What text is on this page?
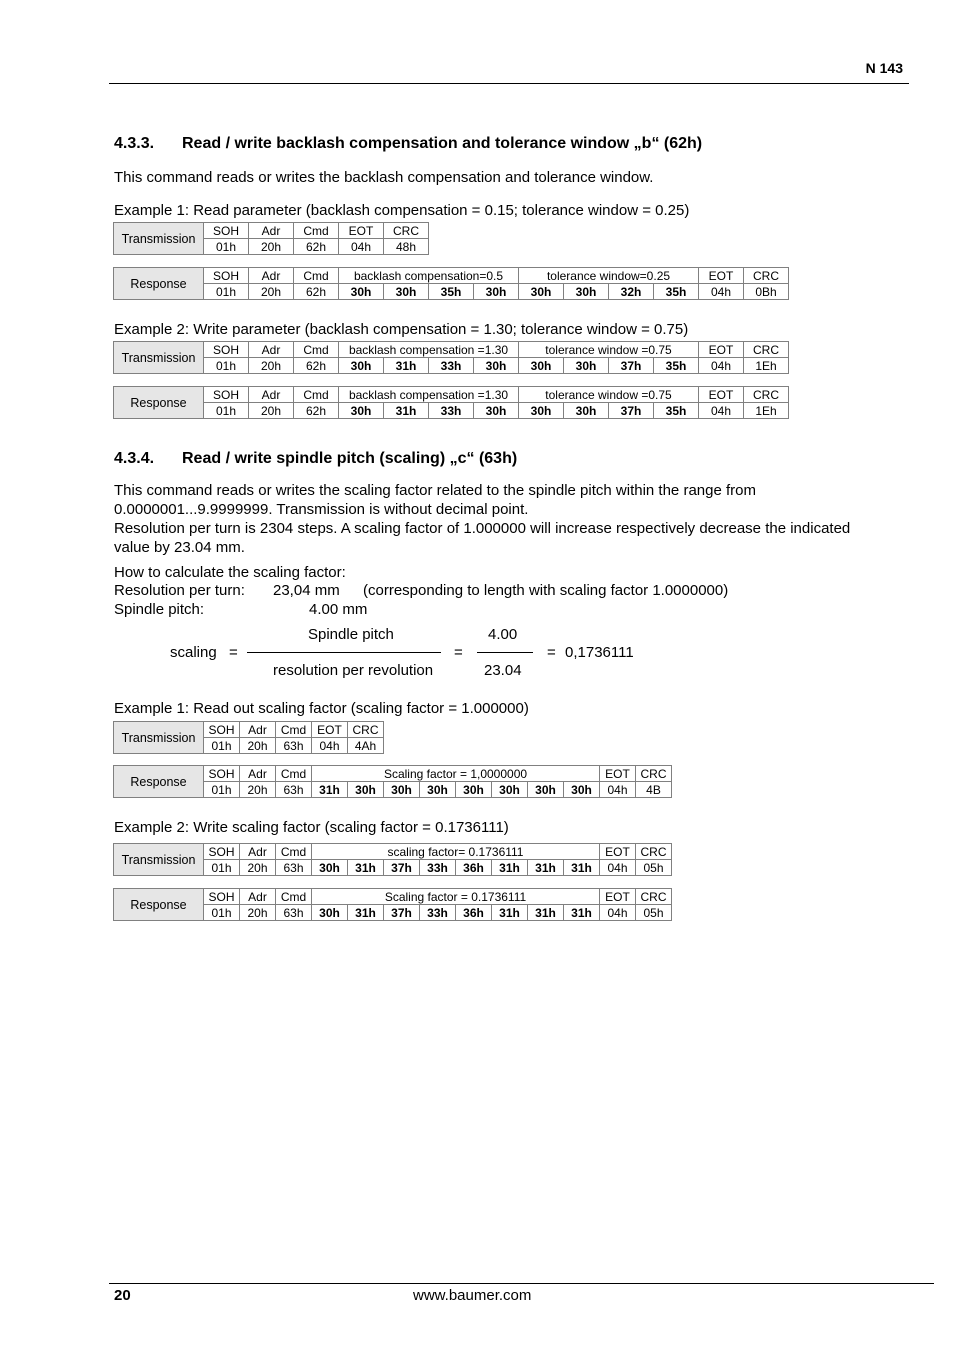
N 143
4.3.3. Read / write backlash compensation and tolerance window „b“ (62h)
This command reads or writes the backlash compensation and tolerance window.
Example 1: Read parameter (backlash compensation = 0.15; tolerance window = 0.25)
Transmission	SOH	Adr	Cmd	EOT	CRC
	01h	20h	62h	04h	48h
Response	SOH	Adr	Cmd	backlash compensation=0.5				tolerance window=0.25				EOT	CRC
	01h	20h	62h	30h	30h	35h	30h	30h	30h	32h	35h	04h	0Bh
Example 2: Write parameter (backlash compensation = 1.30; tolerance window = 0.75)
Transmission	SOH	Adr	Cmd	backlash compensation =1.30				tolerance window =0.75				EOT	CRC
	01h	20h	62h	30h	31h	33h	30h	30h	30h	37h	35h	04h	1Eh
Response	SOH	Adr	Cmd	backlash compensation =1.30				tolerance window =0.75				EOT	CRC
	01h	20h	62h	30h	31h	33h	30h	30h	30h	37h	35h	04h	1Eh
4.3.4. Read / write spindle pitch (scaling) „c“ (63h)
This command reads or writes the scaling factor related to the spindle pitch within the range from
0.0000001...9.9999999. Transmission is without decimal point.
Resolution per turn is 2304 steps. A scaling factor of 1.000000 will increase respectively decrease the indicated
value by 23.04 mm.
How to calculate the scaling factor:
Resolution per turn: 23,04 mm (corresponding to length with scaling factor 1.0000000)
Spindle pitch:	4.00 mm
scaling =
Spindle pitch
resolution per revolution
=
4.00
23.04
= 0,1736111
Example 1: Read out scaling factor (scaling factor = 1.000000)
Transmission	SOH	Adr	Cmd	EOT	CRC
	01h	20h	63h	04h	4Ah
Response	SOH	Adr	Cmd	Scaling factor = 1,0000000								EOT	CRC
	01h	20h	63h	31h	30h	30h	30h	30h	30h	30h	30h	04h	4B
Example 2: Write scaling factor (scaling factor = 0.1736111)
Transmission	SOH	Adr	Cmd	scaling factor= 0.1736111								EOT	CRC
	01h	20h	63h	30h	31h	37h	33h	36h	31h	31h	31h	04h	05h
Response	SOH	Adr	Cmd	Scaling factor = 0.1736111								EOT	CRC
	01h	20h	63h	30h	31h	37h	33h	36h	31h	31h	31h	04h	05h
20	www.baumer.com
